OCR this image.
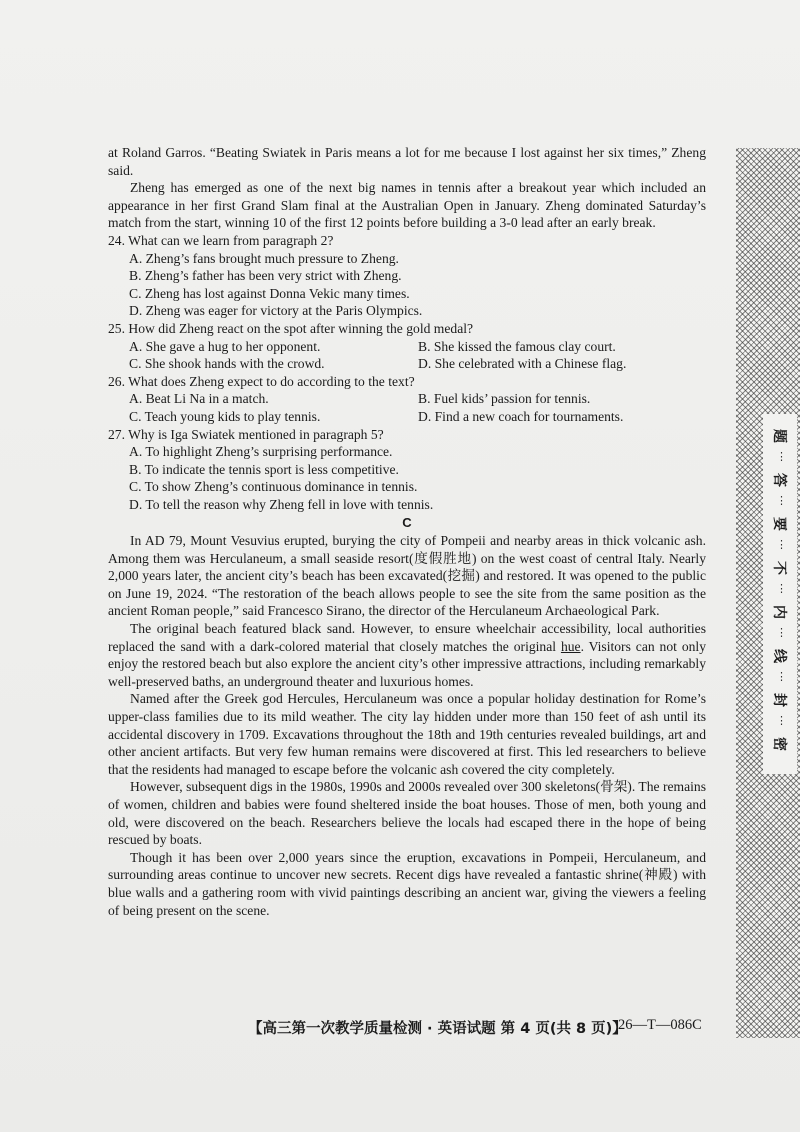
at Roland Garros. “Beating Swiatek in Paris means a lot for me because I lost against her six times,” Zheng said.

Zheng has emerged as one of the next big names in tennis after a breakout year which included an appearance in her first Grand Slam final at the Australian Open in January. Zheng dominated Saturday’s match from the start, winning 10 of the first 12 points before building a 3-0 lead after an early break.

24. What can we learn from paragraph 2?

A. Zheng’s fans brought much pressure to Zheng.

B. Zheng’s father has been very strict with Zheng.

C. Zheng has lost against Donna Vekic many times.

D. Zheng was eager for victory at the Paris Olympics.

25. How did Zheng react on the spot after winning the gold medal?

A. She gave a hug to her opponent.	B. She kissed the famous clay court.
C. She shook hands with the crowd.	D. She celebrated with a Chinese flag.

26. What does Zheng expect to do according to the text?

A. Beat Li Na in a match.	B. Fuel kids’ passion for tennis.
C. Teach young kids to play tennis.	D. Find a new coach for tournaments.

27. Why is Iga Swiatek mentioned in paragraph 5?

A. To highlight Zheng’s surprising performance.

B. To indicate the tennis sport is less competitive.

C. To show Zheng’s continuous dominance in tennis.

D. To tell the reason why Zheng fell in love with tennis.

C

In AD 79, Mount Vesuvius erupted, burying the city of Pompeii and nearby areas in thick volcanic ash. Among them was Herculaneum, a small seaside resort(度假胜地) on the west coast of central Italy. Nearly 2,000 years later, the ancient city’s beach has been excavated(挖掘) and restored. It was opened to the public on June 19, 2024. “The restoration of the beach allows people to see the site from the same position as the ancient Roman people,” said Francesco Sirano, the director of the Herculaneum Archaeological Park.

The original beach featured black sand. However, to ensure wheelchair accessibility, local authorities replaced the sand with a dark-colored material that closely matches the original hue. Visitors can not only enjoy the restored beach but also explore the ancient city’s other impressive attractions, including remarkably well-preserved baths, an underground theater and luxurious homes.

Named after the Greek god Hercules, Herculaneum was once a popular holiday destination for Rome’s upper-class families due to its mild weather. The city lay hidden under more than 150 feet of ash until its accidental discovery in 1709. Excavations throughout the 18th and 19th centuries revealed buildings, art and other ancient artifacts. But very few human remains were discovered at first. This led researchers to believe that the residents had managed to escape before the volcanic ash covered the city completely.

However, subsequent digs in the 1980s, 1990s and 2000s revealed over 300 skeletons(骨架). The remains of women, children and babies were found sheltered inside the boat houses. Those of men, both young and old, were discovered on the beach. Researchers believe the locals had escaped there in the hope of being rescued by boats.

Though it has been over 2,000 years since the eruption, excavations in Pompeii, Herculaneum, and surrounding areas continue to uncover new secrets. Recent digs have revealed a fantastic shrine(神殿) with blue walls and a gathering room with vivid paintings describing an ancient war, giving the viewers a feeling of being present on the scene.

【高三第一次教学质量检测 · 英语试题 第 4 页(共 8 页)】
26—T—086C
题
⋮
答
⋮
要
⋮
不
⋮
内
⋮
线
⋮
封
⋮
密
